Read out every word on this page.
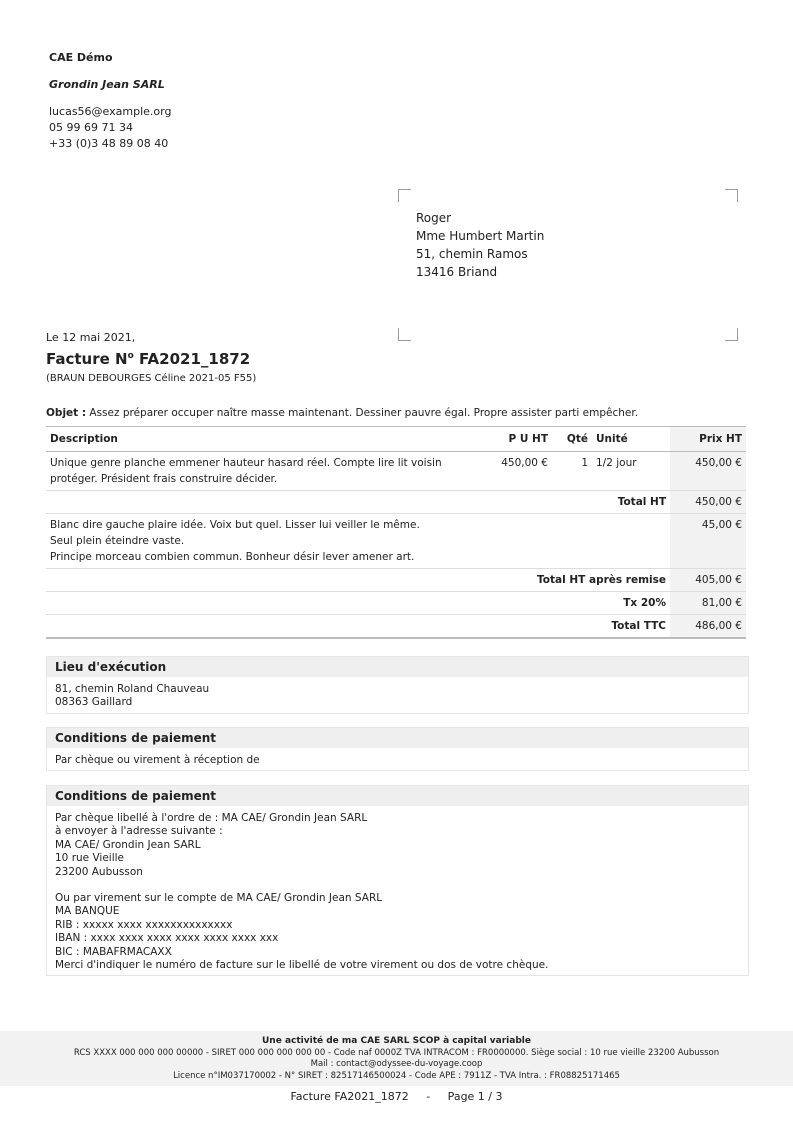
CAE Démo
Grondin Jean SARL
lucas56@example.org
05 99 69 71 34
+33 (0)3 48 89 08 40
Roger
Mme Humbert Martin
51, chemin Ramos
13416 Briand
Le 12 mai 2021,
Facture $N^o$ FA2021_1872
(BRAUN DEBOURGES Céline 2021-05 F55)
Objet : Assez préparer occuper naître masse maintenant. Dessiner pauvre égal. Propre assister parti empêcher.
Description	P U HT	Qté	Unité	Prix HT
Unique genre planche emmener hauteur hasard réel. Compte lire lit voisin protéger. Président frais construire décider.	450,00 €	1	1/2 jour	450,00 €
Total HT				450,00 €

Blanc dire gauche plaire idée. Voix but quel. Lisser lui veiller le même.
Seul plein éteindre vaste.
Principe morceau combien commun. Bonheur désir lever amener art.				45,00 €
Total HT après remise				405,00 €
Tx 20%				81,00 €
Total TTC				486,00 €
Lieu d'exécution
81, chemin Roland Chauveau
08363 Gaillard
Conditions de paiement
Par chèque ou virement à réception de
Conditions de paiement
Par chèque libellé à l'ordre de : MA CAE/ Grondin Jean SARL
à envoyer à l'adresse suivante :
MA CAE/ Grondin Jean SARL
10 rue Vieille
23200 Aubusson
Ou par virement sur le compte de MA CAE/ Grondin Jean SARL
MA BANQUE
RIB : xxxxx xxxx xxxxxxxxxxxxxx
IBAN : xxxx xxxx xxxx xxxx xxxx xxxx xxx
BIC : MABAFRMACAXX
Merci d'indiquer le numéro de facture sur le libellé de votre virement ou dos de votre chèque.
Une activité de ma CAE SARL SCOP à capital variable
RCS XXXX 000 000 000 00000 - SIRET 000 000 000 000 00 - Code naf 0000Z TVA INTRACOM : FR0000000. Siège social : 10 rue vieille 23200 Aubusson
Mail : contact@odyssee-du-voyage.coop
Licence n°IM037170002 - N° SIRET : 82517146500024 - Code APE : 7911Z - TVA Intra. : FR08825171465
Facture FA2021_1872     -     Page 1 / 3
